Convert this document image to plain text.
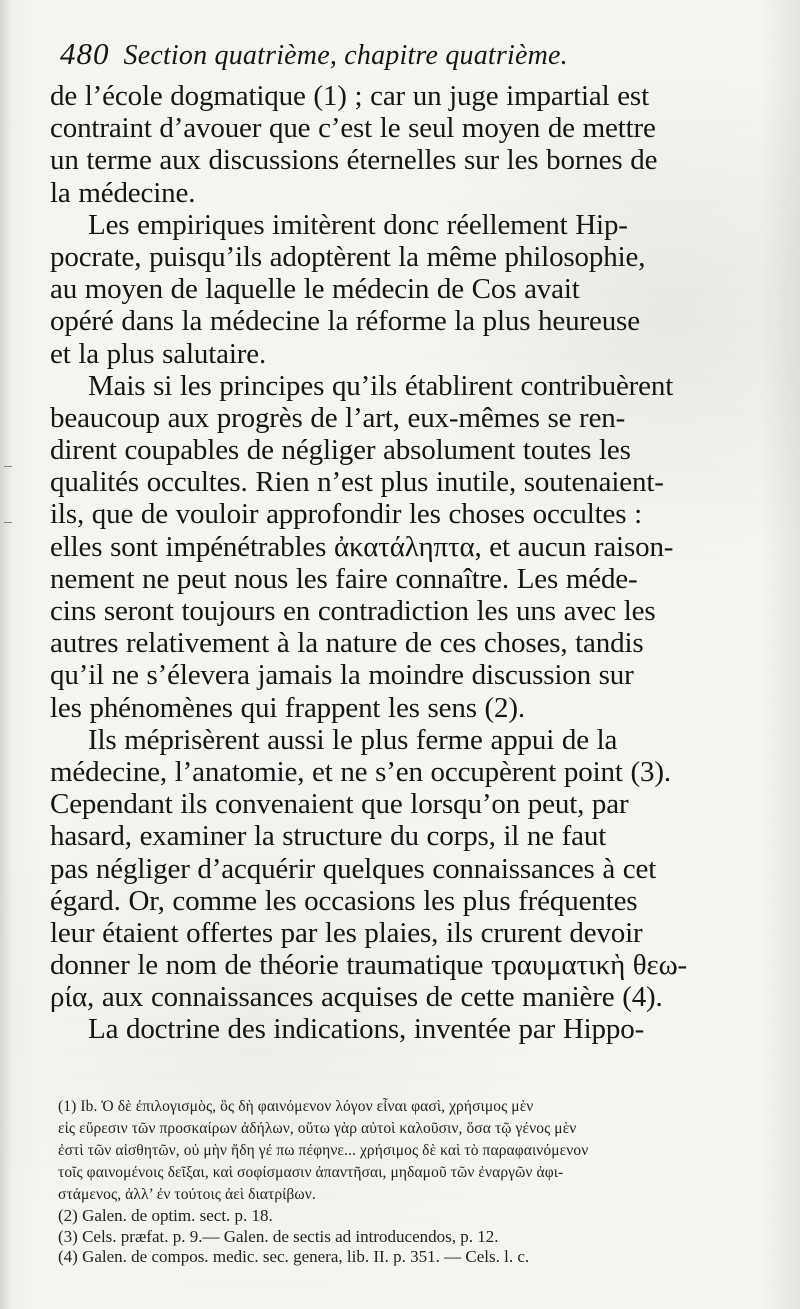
480 Section quatrième, chapitre quatrième.
de l’école dogmatique (1) ; car un juge impartial est
contraint d’avouer que c’est le seul moyen de mettre
un terme aux discussions éternelles sur les bornes de
la médecine.
Les empiriques imitèrent donc réellement Hip-
pocrate, puisqu’ils adoptèrent la même philosophie,
au moyen de laquelle le médecin de Cos avait
opéré dans la médecine la réforme la plus heureuse
et la plus salutaire.
Mais si les principes qu’ils établirent contribuèrent
beaucoup aux progrès de l’art, eux-mêmes se ren-
dirent coupables de négliger absolument toutes les
qualités occultes. Rien n’est plus inutile, soutenaient-
ils, que de vouloir approfondir les choses occultes :
elles sont impénétrables ἀκατάληπτα, et aucun raison-
nement ne peut nous les faire connaître. Les méde-
cins seront toujours en contradiction les uns avec les
autres relativement à la nature de ces choses, tandis
qu’il ne s’élevera jamais la moindre discussion sur
les phénomènes qui frappent les sens (2).
Ils méprisèrent aussi le plus ferme appui de la
médecine, l’anatomie, et ne s’en occupèrent point (3).
Cependant ils convenaient que lorsqu’on peut, par
hasard, examiner la structure du corps, il ne faut
pas négliger d’acquérir quelques connaissances à cet
égard. Or, comme les occasions les plus fréquentes
leur étaient offertes par les plaies, ils crurent devoir
donner le nom de théorie traumatique τραυματικὴ θεω-
ρία, aux connaissances acquises de cette manière (4).
La doctrine des indications, inventée par Hippo-
(1) Ib. Ὁ δὲ ἐπιλογισμὸς, ὃς δὴ φαινόμενον λόγον εἶναι φασὶ, χρήσιμος μὲν
εἰς εὕρεσιν τῶν προσκαίρων ἀδήλων, οὕτω γὰρ αὐτοὶ καλοῦσιν, ὅσα τῷ γένος μὲν
ἐστὶ τῶν αἰσθητῶν, οὐ μὴν ἤδη γέ πω πέφηνε... χρήσιμος δὲ καὶ τὸ παραφαινόμενον
τοῖς φαινομένοις δεῖξαι, καὶ σοφίσμασιν ἀπαντῆσαι, μηδαμοῦ τῶν ἐναργῶν ἀφι-
στάμενος, ἀλλ’ ἐν τούτοις ἀεὶ διατρίβων.
(2) Galen. de optim. sect. p. 18.
(3) Cels. præfat. p. 9.— Galen. de sectis ad introducendos, p. 12.
(4) Galen. de compos. medic. sec. genera, lib. II. p. 351. — Cels. l. c.
